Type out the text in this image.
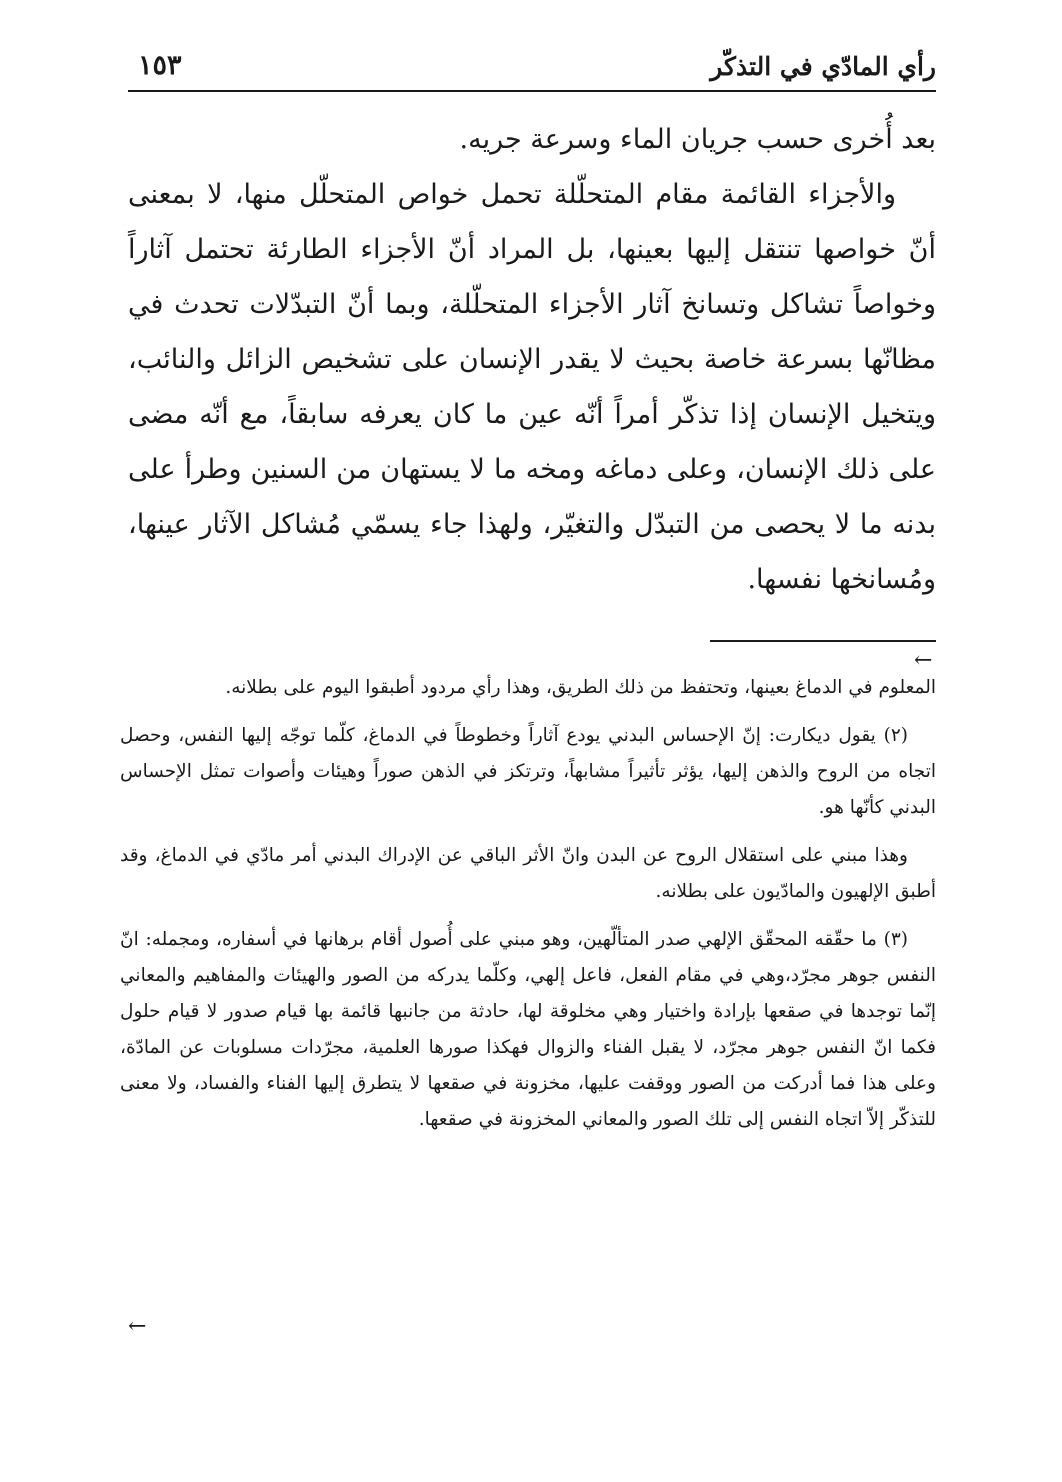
رأي المادّي في التذكّر
١٥٣

بعد أُخرى حسب جريان الماء وسرعة جريه.

والأجزاء القائمة مقام المتحلّلة تحمل خواص المتحلّل منها، لا بمعنى أنّ خواصها تنتقل إليها بعينها، بل المراد أنّ الأجزاء الطارئة تحتمل آثاراً وخواصاً تشاكل وتسانخ آثار الأجزاء المتحلّلة، وبما أنّ التبدّلات تحدث في مظانّها بسرعة خاصة بحيث لا يقدر الإنسان على تشخيص الزائل والنائب، ويتخيل الإنسان إذا تذكّر أمراً أنّه عين ما كان يعرفه سابقاً، مع أنّه مضى على ذلك الإنسان، وعلى دماغه ومخه ما لا يستهان من السنين وطرأ على بدنه ما لا يحصى من التبدّل والتغيّر، ولهذا جاء يسمّي مُشاكل الآثار عينها، ومُسانخها نفسها.

←

المعلوم في الدماغ بعينها، وتحتفظ من ذلك الطريق، وهذا رأي مردود أطبقوا اليوم على بطلانه.

(٢) يقول ديكارت: إنّ الإحساس البدني يودع آثاراً وخطوطاً في الدماغ، كلّما توجّه إليها النفس، وحصل اتجاه من الروح والذهن إليها، يؤثر تأثيراً مشابهاً، وترتكز في الذهن صوراً وهيئات وأصوات تمثل الإحساس البدني كأنّها هو.

وهذا مبني على استقلال الروح عن البدن وانّ الأثر الباقي عن الإدراك البدني أمر مادّي في الدماغ، وقد أطبق الإلهيون والمادّيون على بطلانه.

(٣) ما حقّقه المحقّق الإلهي صدر المتألّهين، وهو مبني على أُصول أقام برهانها في أسفاره، ومجمله: انّ النفس جوهر مجرّد،وهي في مقام الفعل، فاعل إلهي، وكلّما يدركه من الصور والهيئات والمفاهيم والمعاني إنّما توجدها في صقعها بإرادة واختيار وهي مخلوقة لها، حادثة من جانبها قائمة بها قيام صدور لا قيام حلول فكما انّ النفس جوهر مجرّد، لا يقبل الفناء والزوال فهكذا صورها العلمية، مجرّدات مسلوبات عن المادّة، وعلى هذا فما أدركت من الصور ووقفت عليها، مخزونة في صقعها لا يتطرق إليها الفناء والفساد، ولا معنى للتذكّر إلاّ اتجاه النفس إلى تلك الصور والمعاني المخزونة في صقعها.

←
